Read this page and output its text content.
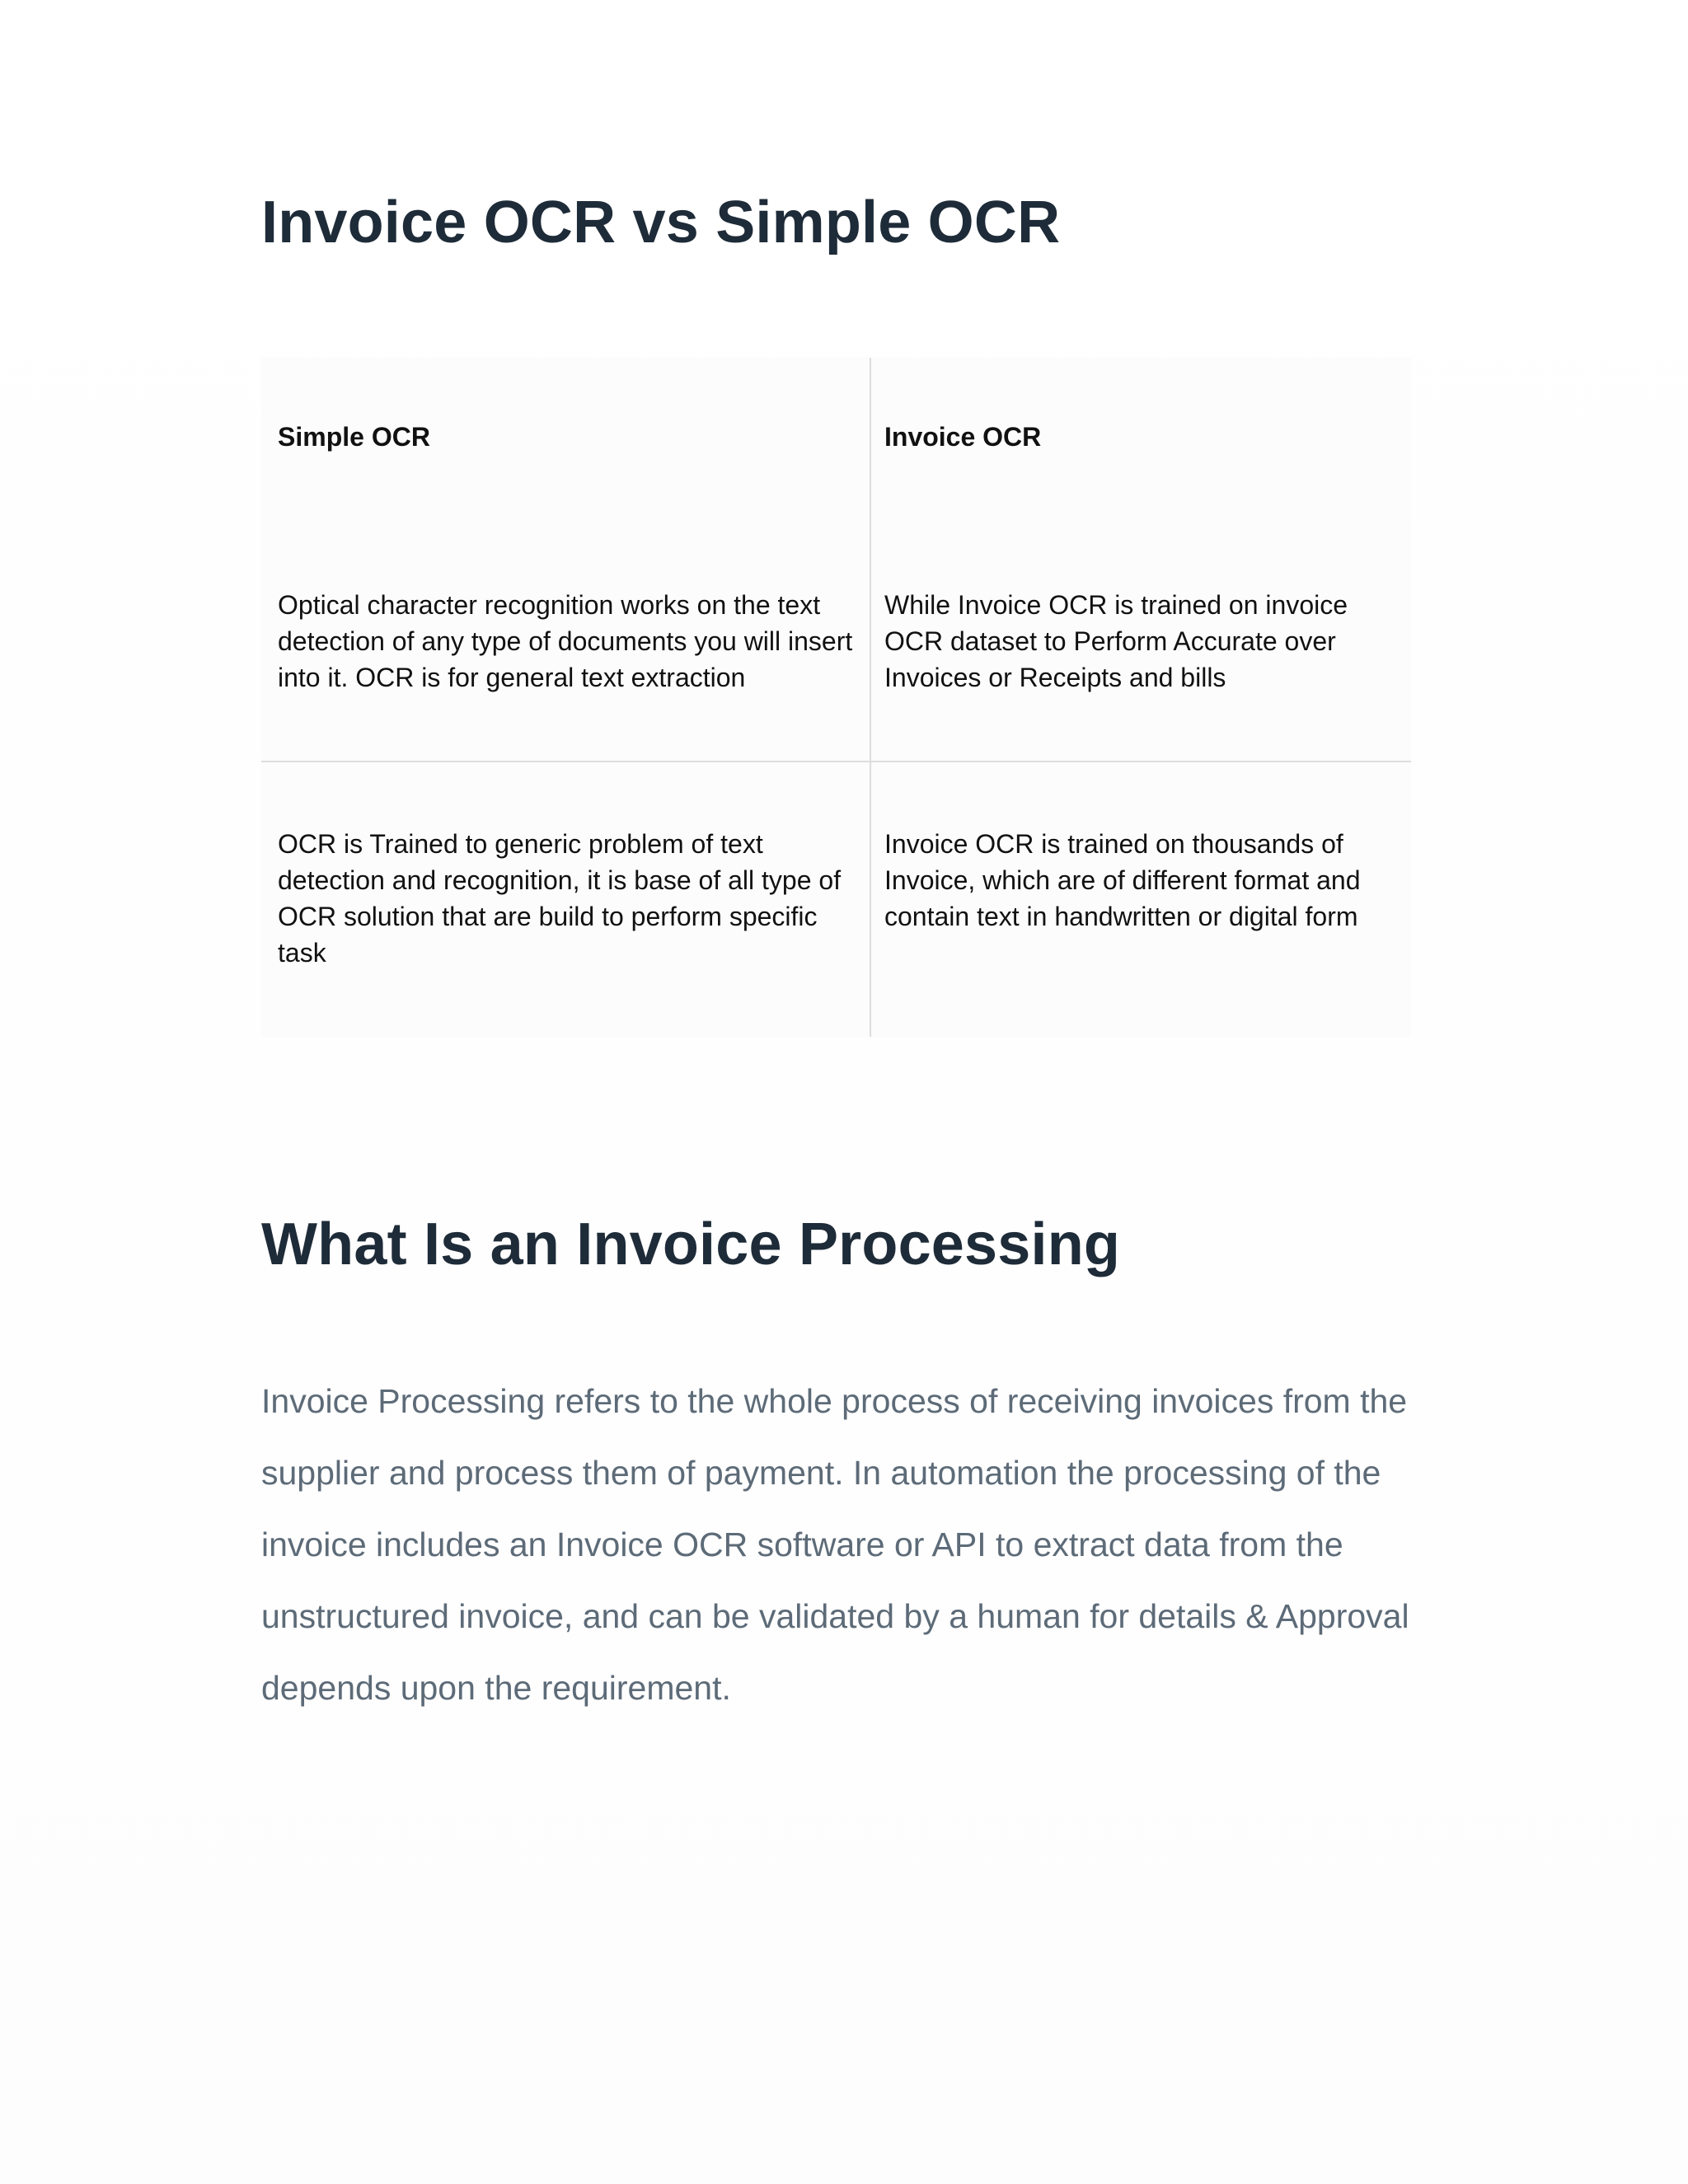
Invoice OCR vs Simple OCR
Simple OCR	Invoice OCR
Optical character recognition works on the text detection of any type of documents you will insert into it. OCR is for general text extraction
While Invoice OCR is trained on invoice OCR dataset to Perform Accurate over Invoices or Receipts and bills
OCR is Trained to generic problem of text detection and recognition, it is base of all type of OCR solution that are build to perform specific task
Invoice OCR is trained on thousands of Invoice, which are of different format and contain text in handwritten or digital form
What Is an Invoice Processing

Invoice Processing refers to the whole process of receiving invoices from the supplier and process them of payment. In automation the processing of the invoice includes an Invoice OCR software or API to extract data from the unstructured invoice, and can be validated by a human for details & Approval depends upon the requirement.
